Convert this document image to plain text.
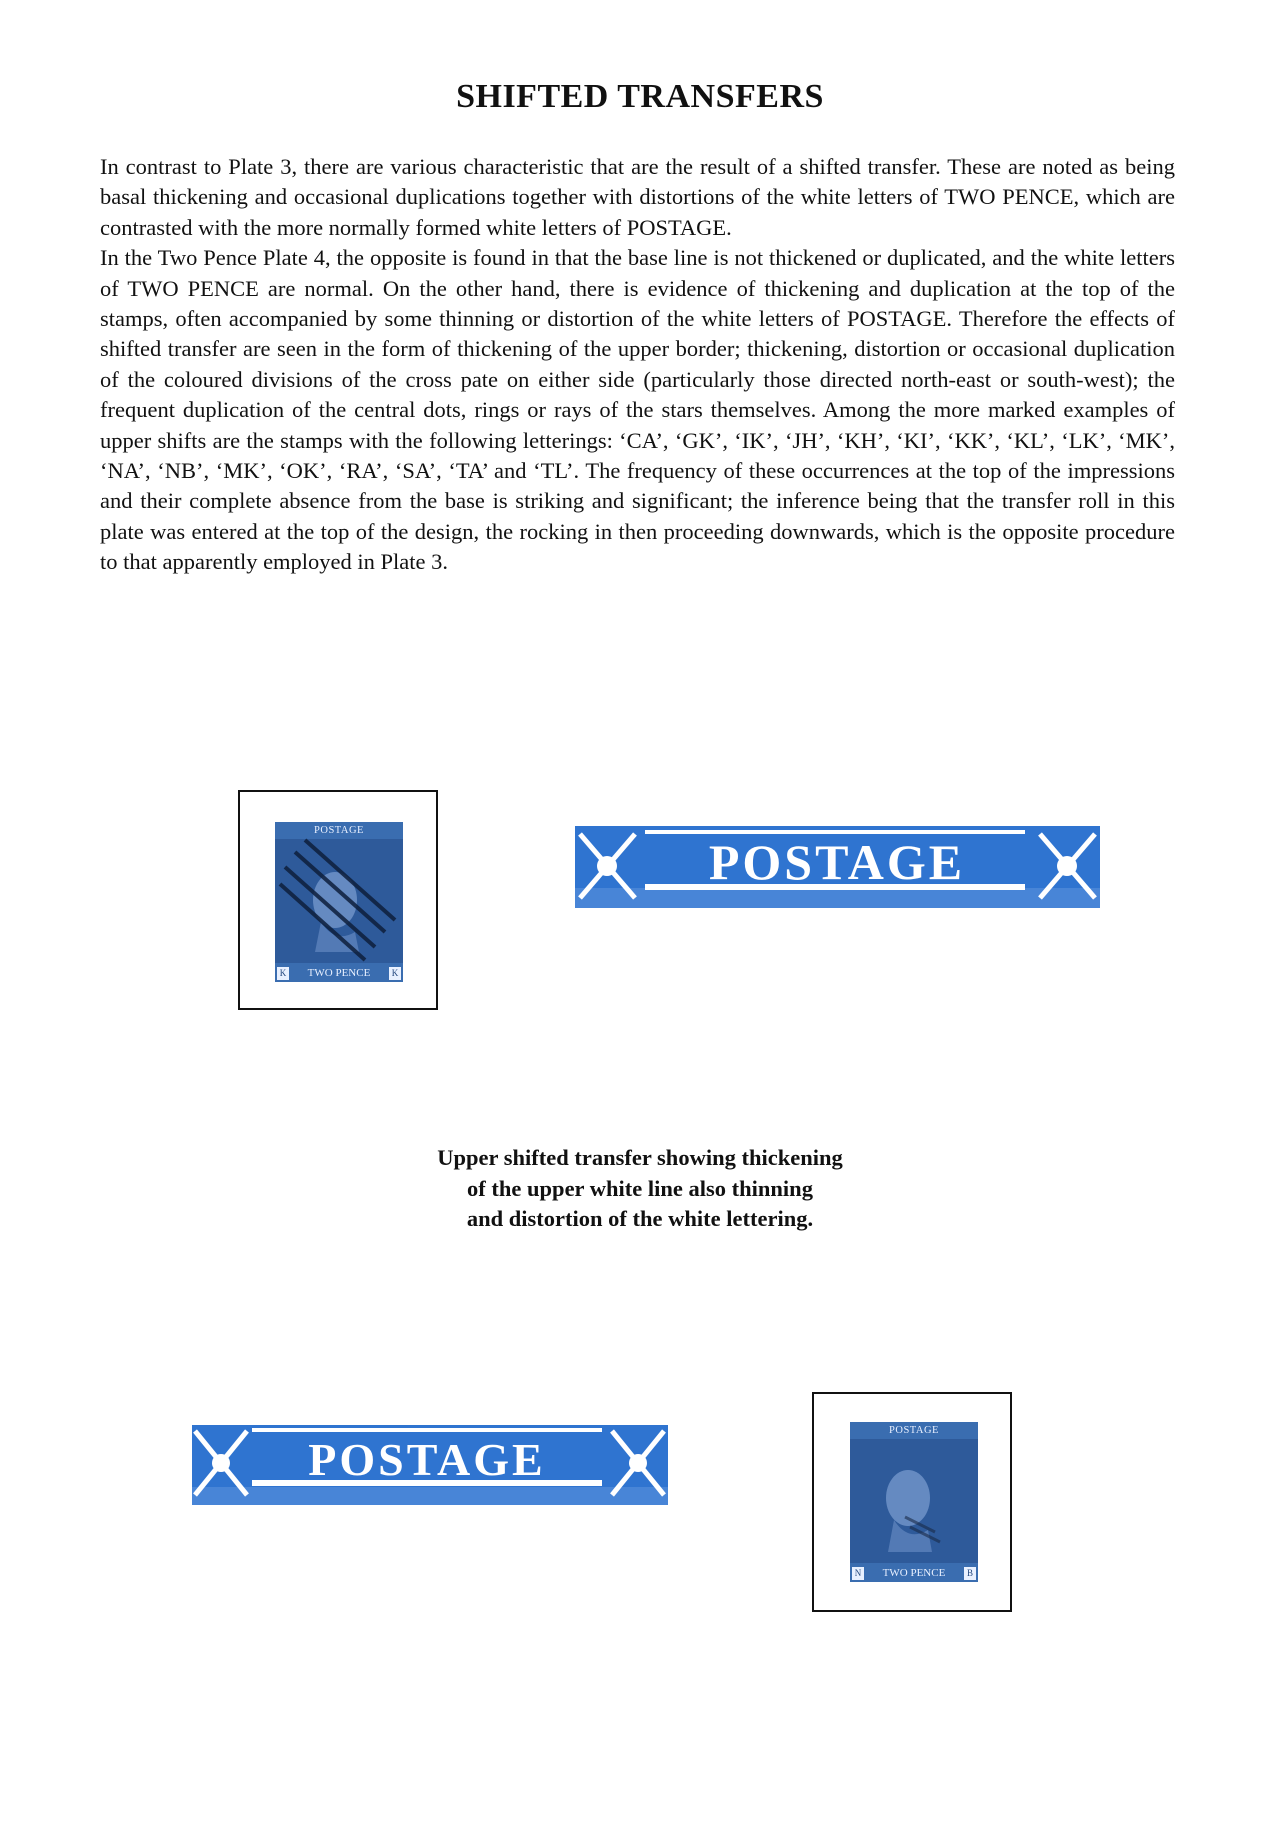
SHIFTED TRANSFERS

In contrast to Plate 3, there are various characteristic that are the result of a shifted transfer. These are noted as being basal thickening and occasional duplications together with distortions of the white letters of TWO PENCE, which are contrasted with the more normally formed white letters of POSTAGE.

In the Two Pence Plate 4, the opposite is found in that the base line is not thickened or duplicated, and the white letters of TWO PENCE are normal. On the other hand, there is evidence of thickening and duplication at the top of the stamps, often accompanied by some thinning or distortion of the white letters of POSTAGE. Therefore the effects of shifted transfer are seen in the form of thickening of the upper border; thickening, distortion or occasional duplication of the coloured divisions of the cross pate on either side (particularly those directed north-east or south-west); the frequent duplication of the central dots, rings or rays of the stars themselves. Among the more marked examples of upper shifts are the stamps with the following letterings: ‘CA’, ‘GK’, ‘IK’, ‘JH’, ‘KH’, ‘KI’, ‘KK’, ‘KL’, ‘LK’, ‘MK’, ‘NA’, ‘NB’, ‘MK’, ‘OK’, ‘RA’, ‘SA’, ‘TA’ and ‘TL’. The frequency of these occurrences at the top of the impressions and their complete absence from the base is striking and significant; the inference being that the transfer roll in this plate was entered at the top of the design, the rocking in then proceeding downwards, which is the opposite procedure to that apparently employed in Plate 3.

POSTAGE
TWO PENCE
K	K
POSTAGE
Upper shifted transfer showing thickening
of the upper white line also thinning
and distortion of the white lettering.
POSTAGE
POSTAGE
TWO PENCE
N	B
